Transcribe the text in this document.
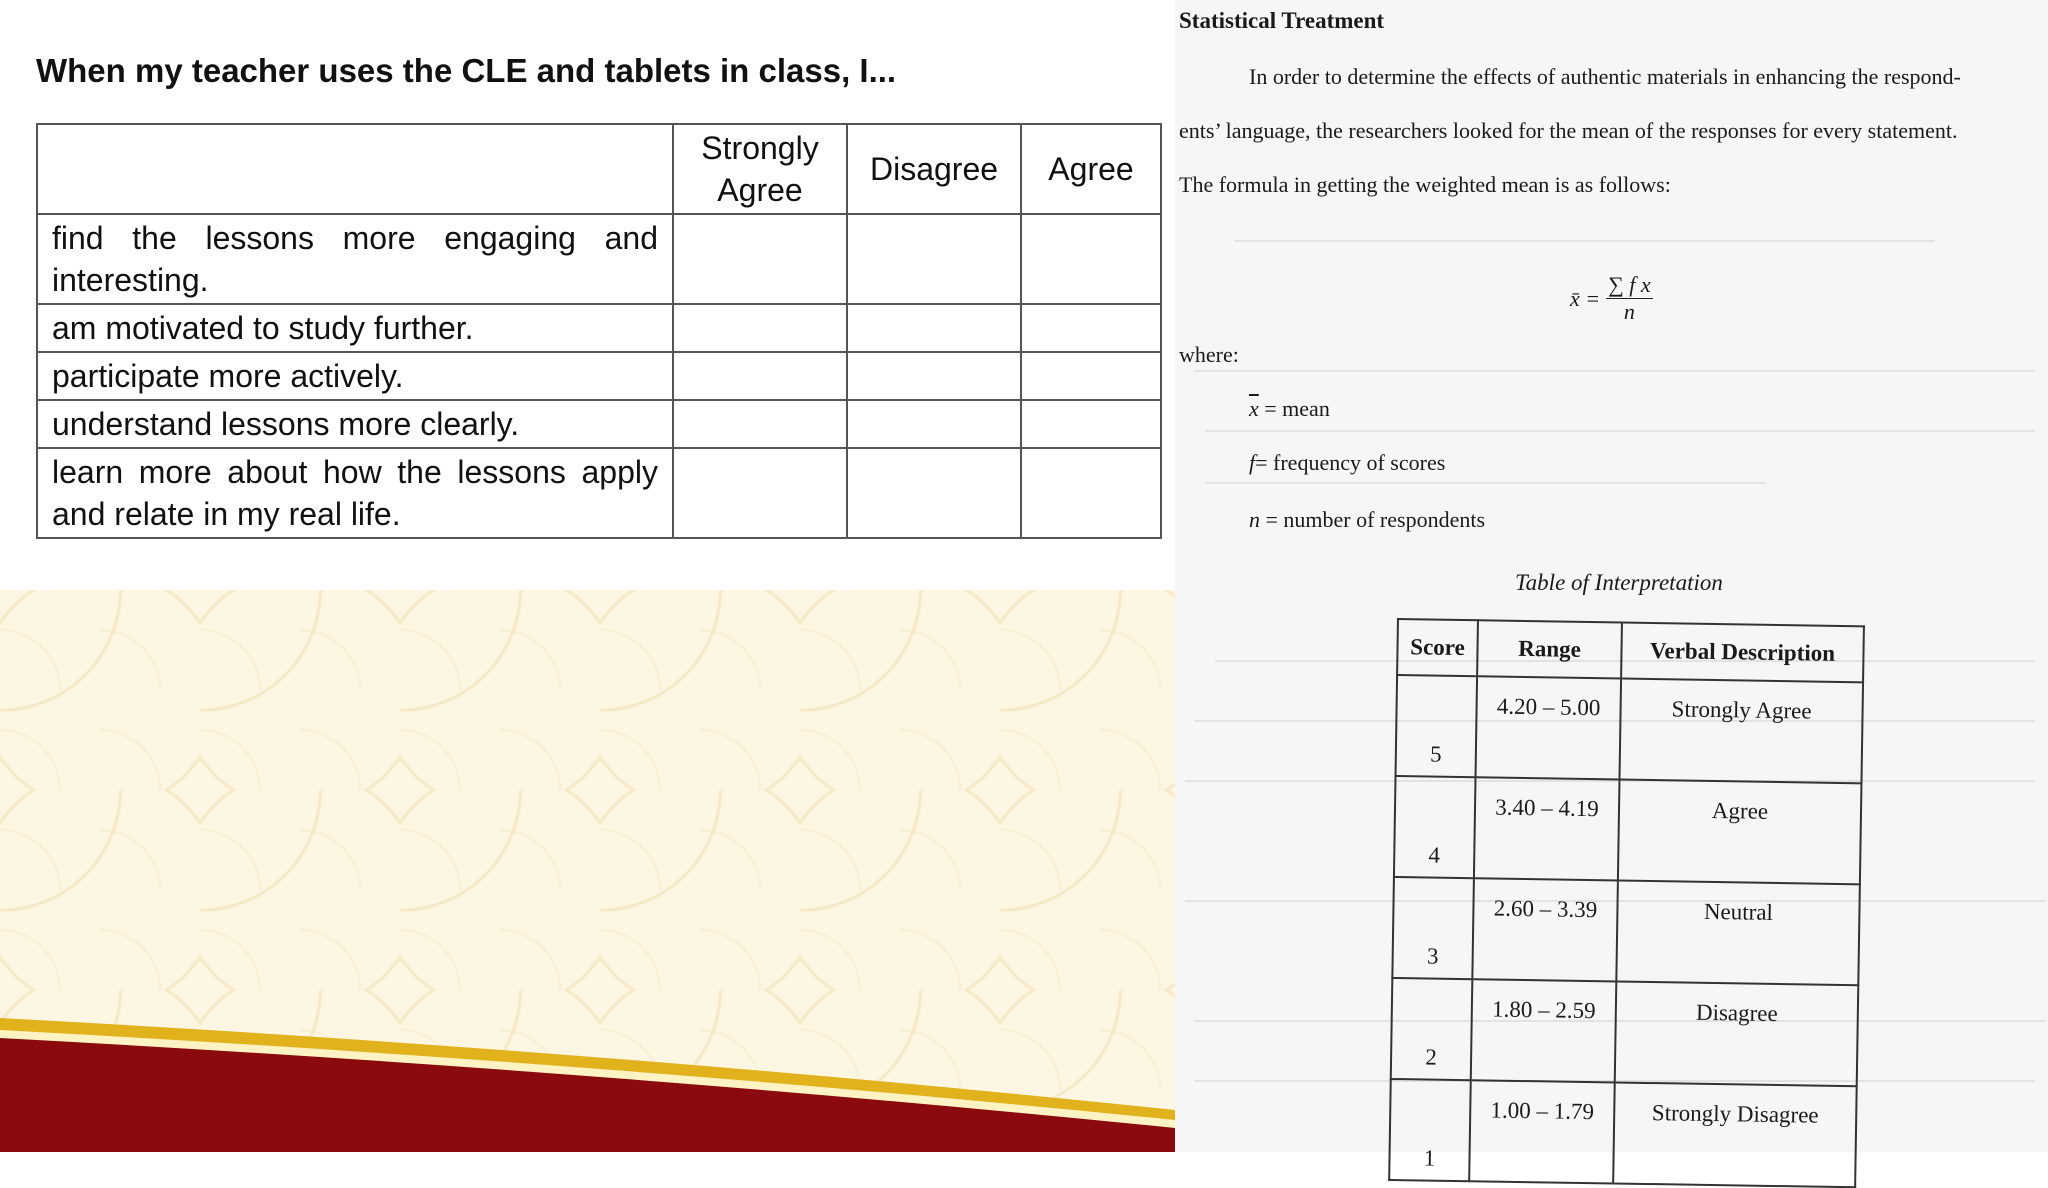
When my teacher uses the CLE and tablets in class, I...
	Strongly Agree	Disagree	Agree	
find the lessons more engaging and interesting.				
am motivated to study further.				
participate more actively.				
understand lessons more clearly.				
learn more about how the lessons apply and relate in my real life.				
Statistical Treatment

In order to determine the effects of authentic materials in enhancing the respond-

ents’ language, the researchers looked for the mean of the responses for every statement.

The formula in getting the weighted mean is as follows:

x̄ = $\frac{\text{∑ f x}}{n}$

where:

$\overline{x}$ = mean

f= frequency of scores

n = number of respondents

Table of Interpretation

Score	Range	Verbal Description
5	4.20 – 5.00	Strongly Agree
4	3.40 – 4.19	Agree
3	2.60 – 3.39	Neutral
2	1.80 – 2.59	Disagree
1	1.00 – 1.79	Strongly Disagree
